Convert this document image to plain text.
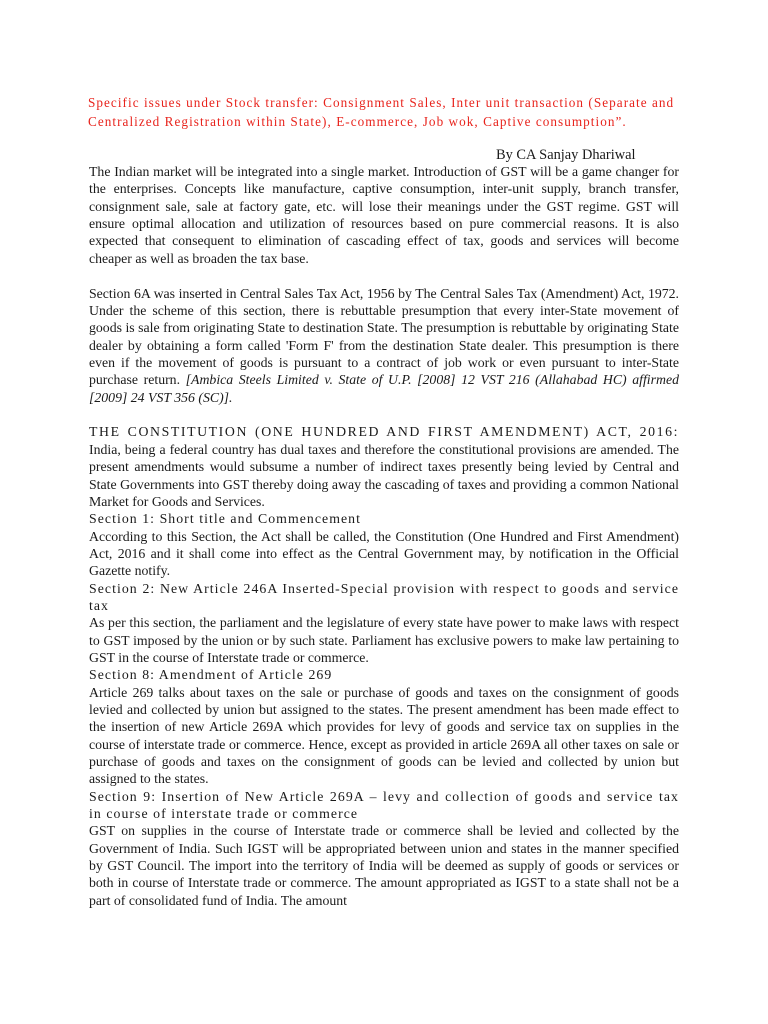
Specific issues under Stock transfer: Consignment Sales, Inter unit transaction (Separate and Centralized Registration within State), E-commerce, Job wok, Captive consumption”.

By CA Sanjay Dhariwal

The Indian market will be integrated into a single market. Introduction of GST will be a game changer for the enterprises. Concepts like manufacture, captive consumption, inter-unit supply, branch transfer, consignment sale, sale at factory gate, etc. will lose their meanings under the GST regime. GST will ensure optimal allocation and utilization of resources based on pure commercial reasons. It is also expected that consequent to elimination of cascading effect of tax, goods and services will become cheaper as well as broaden the tax base.

Section 6A was inserted in Central Sales Tax Act, 1956 by The Central Sales Tax (Amendment) Act, 1972. Under the scheme of this section, there is rebuttable presumption that every inter-State movement of goods is sale from originating State to destination State. The presumption is rebuttable by originating State dealer by obtaining a form called 'Form F' from the destination State dealer. This presumption is there even if the movement of goods is pursuant to a contract of job work or even pursuant to inter-State purchase return. [Ambica Steels Limited v. State of U.P. [2008] 12 VST 216 (Allahabad HC) affirmed [2009] 24 VST 356 (SC)].

THE CONSTITUTION (ONE HUNDRED AND FIRST AMENDMENT) ACT, 2016: India, being a federal country has dual taxes and therefore the constitutional provisions are amended. The present amendments would subsume a number of indirect taxes presently being levied by Central and State Governments into GST thereby doing away the cascading of taxes and providing a common National Market for Goods and Services.

Section 1: Short title and Commencement

According to this Section, the Act shall be called, the Constitution (One Hundred and First Amendment) Act, 2016 and it shall come into effect as the Central Government may, by notification in the Official Gazette notify.

Section 2: New Article 246A Inserted-Special provision with respect to goods and service tax

As per this section, the parliament and the legislature of every state have power to make laws with respect to GST imposed by the union or by such state. Parliament has exclusive powers to make law pertaining to GST in the course of Interstate trade or commerce.

Section 8: Amendment of Article 269

Article 269 talks about taxes on the sale or purchase of goods and taxes on the consignment of goods levied and collected by union but assigned to the states. The present amendment has been made effect to the insertion of new Article 269A which provides for levy of goods and service tax on supplies in the course of interstate trade or commerce. Hence, except as provided in article 269A all other taxes on sale or purchase of goods and taxes on the consignment of goods can be levied and collected by union but assigned to the states.

Section 9: Insertion of New Article 269A – levy and collection of goods and service tax in course of interstate trade or commerce

GST on supplies in the course of Interstate trade or commerce shall be levied and collected by the Government of India. Such IGST will be appropriated between union and states in the manner specified by GST Council. The import into the territory of India will be deemed as supply of goods or services or both in course of Interstate trade or commerce. The amount appropriated as IGST to a state shall not be a part of consolidated fund of India. The amount
